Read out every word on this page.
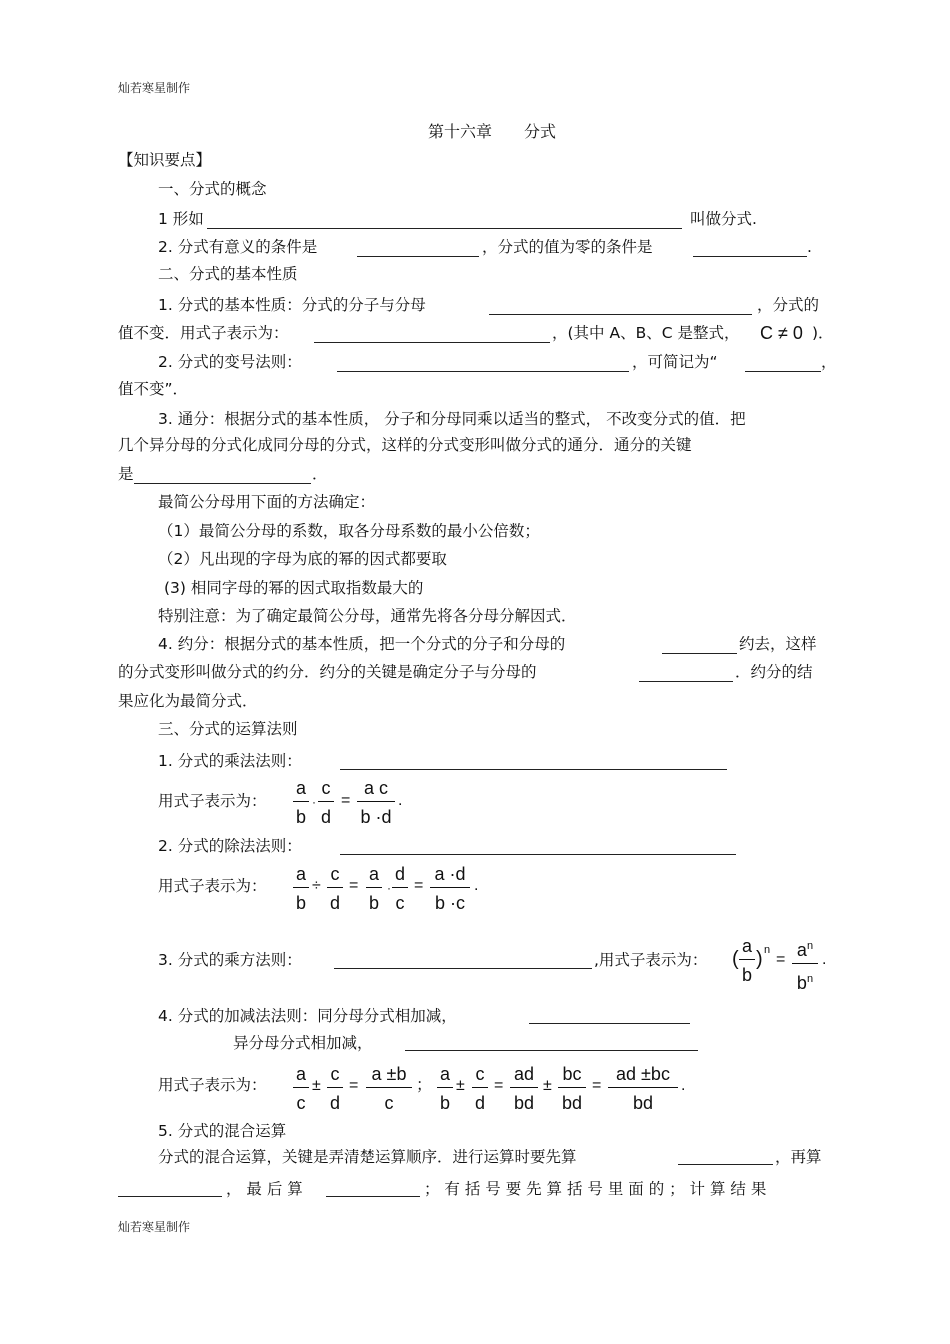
灿若寒星制作
第十六章　　分式
【知识要点】
一、分式的概念
1 形如	叫做分式.
2. 分式有意义的条件是	，分式的值为零的条件是	.
二、分式的基本性质
1. 分式的基本性质：分式的分子与分母	，分式的
值不变．用式子表示为：	，(其中 A、B、C 是整式， C ≠ 0 )．
2. 分式的变号法则：	，可简记为“	，
值不变”．
3. 通分：根据分式的基本性质， 分子和分母同乘以适当的整式， 不改变分式的值．把
几个异分母的分式化成同分母的分式，这样的分式变形叫做分式的通分．通分的关键
是	．
最简公分母用下面的方法确定：
（1）最简公分母的系数，取各分母系数的最小公倍数；
（2）凡出现的字母为底的幂的因式都要取
(3) 相同字母的幂的因式取指数最大的
特别注意：为了确定最简公分母，通常先将各分母分解因式．
4. 约分：根据分式的基本性质，把一个分式的分子和分母的	约去，这样
的分式变形叫做分式的约分．约分的关键是确定分子与分母的	．约分的结
果应化为最简分式．
三、分式的运算法则
1. 分式的乘法法则：
用式子表示为：
a
b
·
c
d
=
a c
b ·d
.
2. 分式的除法法则：
用式子表示为：
a
b
÷
c
d
=
a
b
·
d
c
=
a ·d
b ·c
.
3. 分式的乘方法则：	,用式子表示为： (
a
b
) n
= $a^n$
$b^n$
.
4. 分式的加减法法则：同分母分式相加减，
异分母分式相加减，
用式子表示为：
a
c
±
c
d
=
a ±b
c
；
a
b
±
c
d
=
ad
bd
±
bc
bd
=
ad ±bc
bd
.
5. 分式的混合运算
分式的混合运算，关键是弄清楚运算顺序．进行运算时要先算	，再算
， 最 后 算	； 有 括 号 要 先 算 括 号 里 面 的 ； 计 算 结 果
灿若寒星制作
